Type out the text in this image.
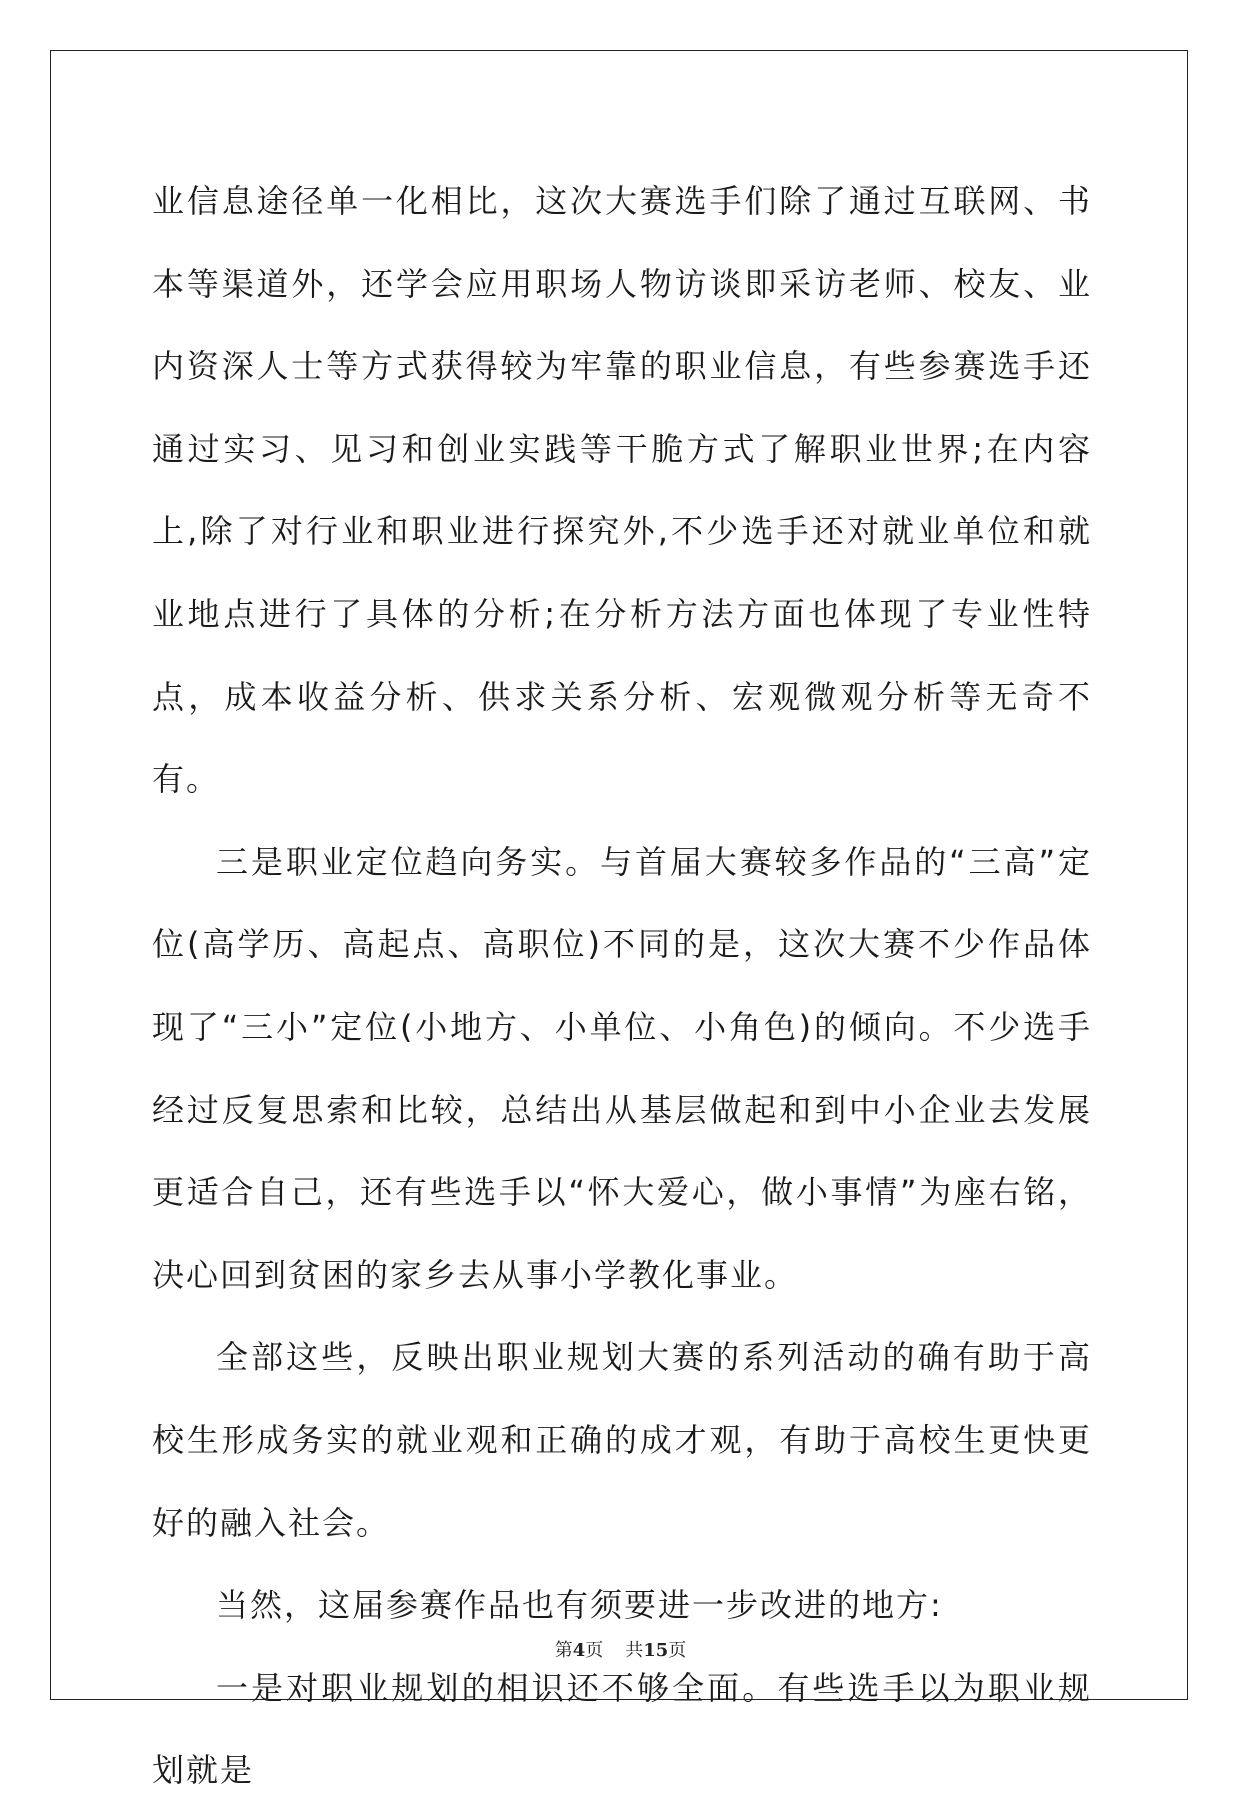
业信息途径单一化相比，这次大赛选手们除了通过互联网、书本等渠道外，还学会应用职场人物访谈即采访老师、校友、业内资深人士等方式获得较为牢靠的职业信息，有些参赛选手还通过实习、见习和创业实践等干脆方式了解职业世界;在内容上,除了对行业和职业进行探究外,不少选手还对就业单位和就业地点进行了具体的分析;在分析方法方面也体现了专业性特点，成本收益分析、供求关系分析、宏观微观分析等无奇不有。

三是职业定位趋向务实。与首届大赛较多作品的“三高”定位(高学历、高起点、高职位)不同的是，这次大赛不少作品体现了“三小”定位(小地方、小单位、小角色)的倾向。不少选手经过反复思索和比较，总结出从基层做起和到中小企业去发展更适合自己，还有些选手以“怀大爱心，做小事情”为座右铭，决心回到贫困的家乡去从事小学教化事业。

全部这些，反映出职业规划大赛的系列活动的确有助于高校生形成务实的就业观和正确的成才观，有助于高校生更快更好的融入社会。

当然，这届参赛作品也有须要进一步改进的地方:

一是对职业规划的相识还不够全面。有些选手以为职业规划就是

第4页 共15页
